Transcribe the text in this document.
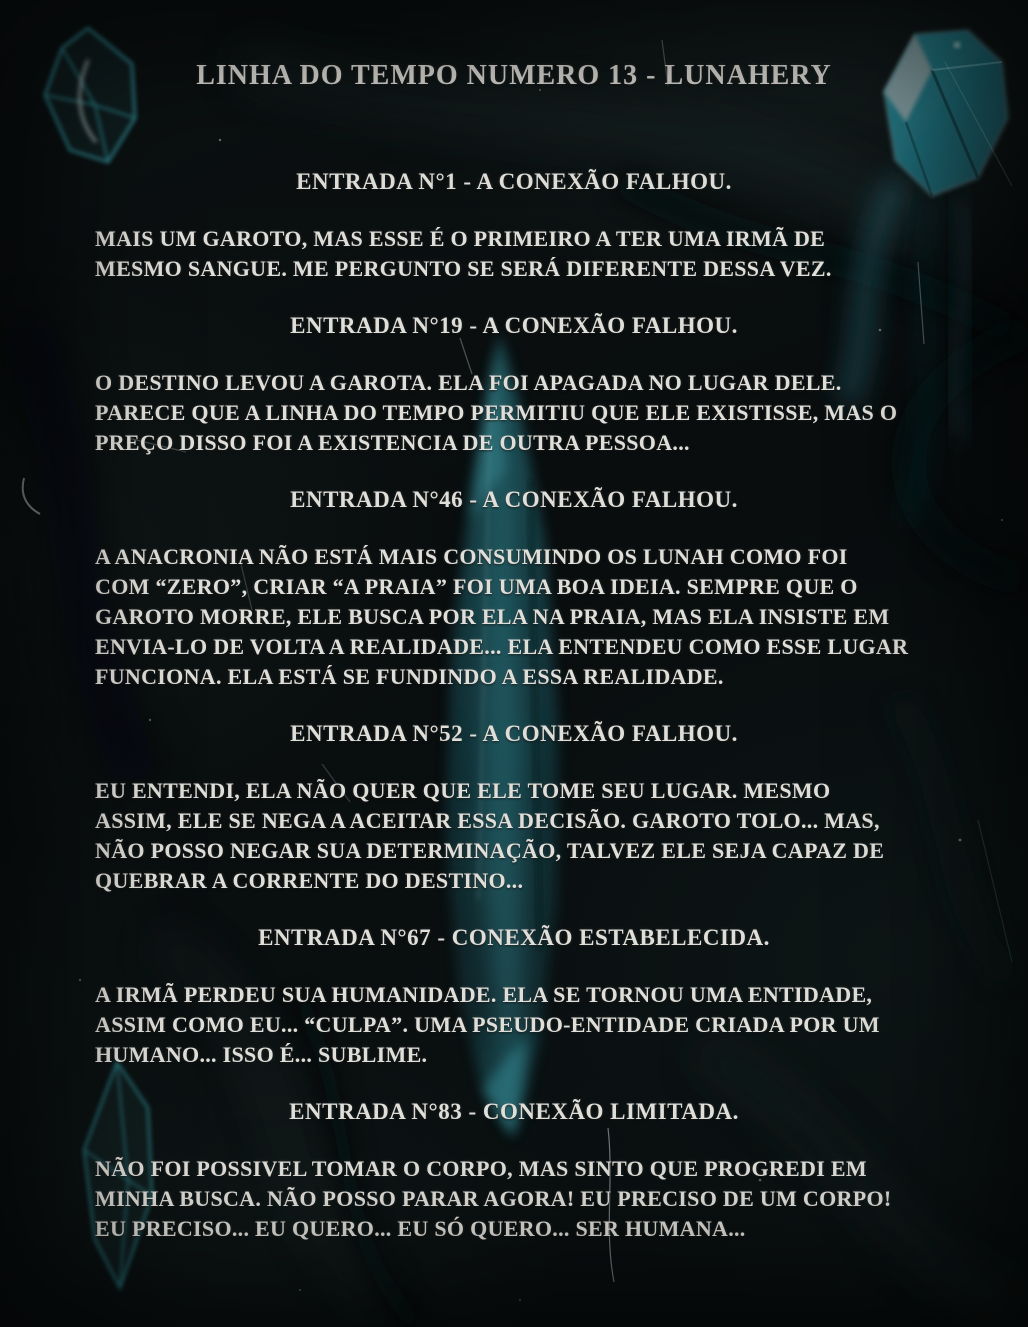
LINHA DO TEMPO NUMERO 13 - LUNAHERY
ENTRADA N°1 - A CONEXÃO FALHOU.
MAIS UM GAROTO, MAS ESSE É O PRIMEIRO A TER UMA IRMÃ DE
MESMO SANGUE. ME PERGUNTO SE SERÁ DIFERENTE DESSA VEZ.
ENTRADA N°19 - A CONEXÃO FALHOU.
O DESTINO LEVOU A GAROTA. ELA FOI APAGADA NO LUGAR DELE.
PARECE QUE A LINHA DO TEMPO PERMITIU QUE ELE EXISTISSE, MAS O
PREÇO DISSO FOI A EXISTENCIA DE OUTRA PESSOA...
ENTRADA N°46 - A CONEXÃO FALHOU.
A ANACRONIA NÃO ESTÁ MAIS CONSUMINDO OS LUNAH COMO FOI
COM “ZERO”, CRIAR “A PRAIA” FOI UMA BOA IDEIA. SEMPRE QUE O
GAROTO MORRE, ELE BUSCA POR ELA NA PRAIA, MAS ELA INSISTE EM
ENVIA-LO DE VOLTA A REALIDADE... ELA ENTENDEU COMO ESSE LUGAR
FUNCIONA. ELA ESTÁ SE FUNDINDO A ESSA REALIDADE.
ENTRADA N°52 - A CONEXÃO FALHOU.
EU ENTENDI, ELA NÃO QUER QUE ELE TOME SEU LUGAR. MESMO
ASSIM, ELE SE NEGA A ACEITAR ESSA DECISÃO. GAROTO TOLO... MAS,
NÃO POSSO NEGAR SUA DETERMINAÇÃO, TALVEZ ELE SEJA CAPAZ DE
QUEBRAR A CORRENTE DO DESTINO...
ENTRADA N°67 - CONEXÃO ESTABELECIDA.
A IRMÃ PERDEU SUA HUMANIDADE. ELA SE TORNOU UMA ENTIDADE,
ASSIM COMO EU... “CULPA”. UMA PSEUDO-ENTIDADE CRIADA POR UM
HUMANO... ISSO É... SUBLIME.
ENTRADA N°83 - CONEXÃO LIMITADA.
NÃO FOI POSSIVEL TOMAR O CORPO, MAS SINTO QUE PROGREDI EM
MINHA BUSCA. NÃO POSSO PARAR AGORA! EU PRECISO DE UM CORPO!
EU PRECISO... EU QUERO... EU SÓ QUERO... SER HUMANA...
